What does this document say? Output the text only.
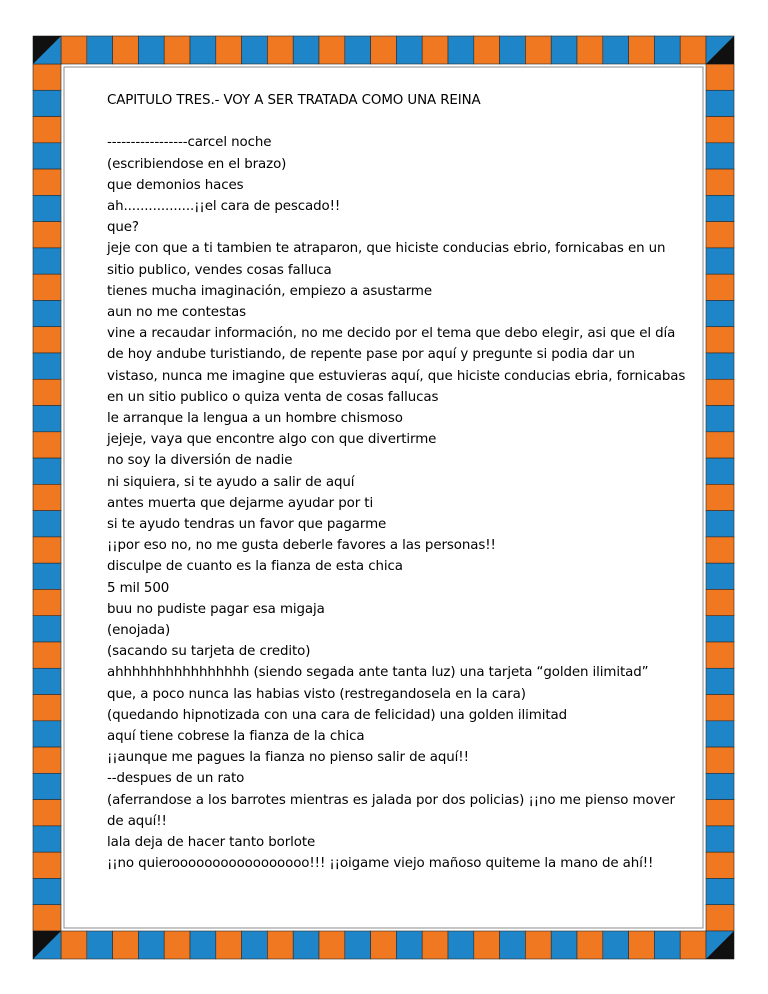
CAPITULO TRES.- VOY A SER TRATADA COMO UNA REINA

-----------------carcel noche

(escribiendose en el brazo)

que demonios haces

ah.................¡¡el cara de pescado!!

que?

jeje con que a ti tambien te atraparon, que hiciste conducias ebrio, fornicabas en un sitio publico, vendes cosas falluca

tienes mucha imaginación, empiezo a asustarme

aun no me contestas

vine a recaudar información, no me decido por el tema que debo elegir, asi que el día de hoy andube turistiando, de repente pase por aquí y pregunte si podia dar un vistaso, nunca me imagine que estuvieras aquí, que hiciste conducias ebria, fornicabas en un sitio publico o quiza venta de cosas fallucas

le arranque la lengua a un hombre chismoso

jejeje, vaya que encontre algo con que divertirme

no soy la diversión de nadie

ni siquiera, si te ayudo a salir de aquí

antes muerta que dejarme ayudar por ti

si te ayudo tendras un favor que pagarme

¡¡por eso no, no me gusta deberle favores a las personas!!

disculpe de cuanto es la fianza de esta chica

5 mil 500

buu no pudiste pagar esa migaja

(enojada)

(sacando su tarjeta de credito)

ahhhhhhhhhhhhhhhh (siendo segada ante tanta luz) una tarjeta “golden ilimitad”

que, a poco nunca las habias visto (restregandosela en la cara)

(quedando hipnotizada con una cara de felicidad) una golden ilimitad

aquí tiene cobrese la fianza de la chica

¡¡aunque me pagues la fianza no pienso salir de aquí!!

--despues de un rato

(aferrandose a los barrotes mientras es jalada por dos policias) ¡¡no me pienso mover de aquí!!

lala deja de hacer tanto borlote

¡¡no quierooooooooooooooooo!!! ¡¡oigame viejo mañoso quiteme la mano de ahí!!
